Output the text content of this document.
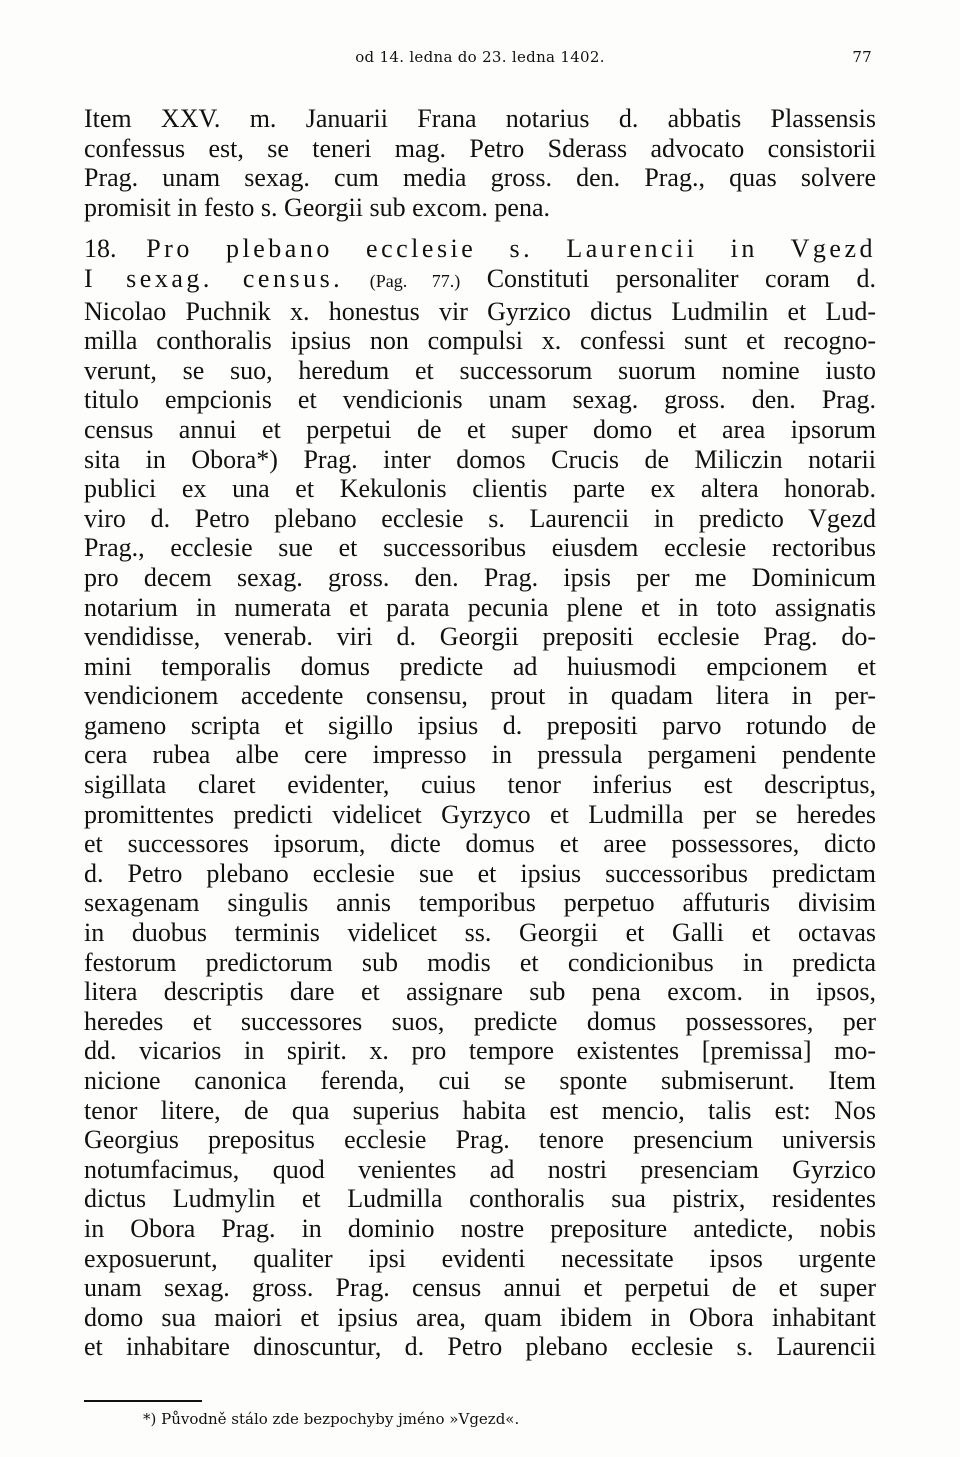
od 14. ledna do 23. ledna 1402.	77
Item XXV. m. Januarii Frana notarius d. abbatis Plassensis
confessus est, se teneri mag. Petro Sderass advocato consistorii
Prag. unam sexag. cum media gross. den. Prag., quas solvere
promisit in festo s. Georgii sub excom. pena.
18. Pro plebano ecclesie s. Laurencii in Vgezd
I sexag. census. (Pag. 77.) Constituti personaliter coram d.
Nicolao Puchnik x. honestus vir Gyrzico dictus Ludmilin et Lud-
milla conthoralis ipsius non compulsi x. confessi sunt et recogno-
verunt, se suo, heredum et successorum suorum nomine iusto
titulo empcionis et vendicionis unam sexag. gross. den. Prag.
census annui et perpetui de et super domo et area ipsorum
sita in Obora*) Prag. inter domos Crucis de Miliczin notarii
publici ex una et Kekulonis clientis parte ex altera honorab.
viro d. Petro plebano ecclesie s. Laurencii in predicto Vgezd
Prag., ecclesie sue et successoribus eiusdem ecclesie rectoribus
pro decem sexag. gross. den. Prag. ipsis per me Dominicum
notarium in numerata et parata pecunia plene et in toto assignatis
vendidisse, venerab. viri d. Georgii prepositi ecclesie Prag. do-
mini temporalis domus predicte ad huiusmodi empcionem et
vendicionem accedente consensu, prout in quadam litera in per-
gameno scripta et sigillo ipsius d. prepositi parvo rotundo de
cera rubea albe cere impresso in pressula pergameni pendente
sigillata claret evidenter, cuius tenor inferius est descriptus,
promittentes predicti videlicet Gyrzyco et Ludmilla per se heredes
et successores ipsorum, dicte domus et aree possessores, dicto
d. Petro plebano ecclesie sue et ipsius successoribus predictam
sexagenam singulis annis temporibus perpetuo affuturis divisim
in duobus terminis videlicet ss. Georgii et Galli et octavas
festorum predictorum sub modis et condicionibus in predicta
litera descriptis dare et assignare sub pena excom. in ipsos,
heredes et successores suos, predicte domus possessores, per
dd. vicarios in spirit. x. pro tempore existentes [premissa] mo-
nicione canonica ferenda, cui se sponte submiserunt. Item
tenor litere, de qua superius habita est mencio, talis est: Nos
Georgius prepositus ecclesie Prag. tenore presencium universis
notumfacimus, quod venientes ad nostri presenciam Gyrzico
dictus Ludmylin et Ludmilla conthoralis sua pistrix, residentes
in Obora Prag. in dominio nostre prepositure antedicte, nobis
exposuerunt, qualiter ipsi evidenti necessitate ipsos urgente
unam sexag. gross. Prag. census annui et perpetui de et super
domo sua maiori et ipsius area, quam ibidem in Obora inhabitant
et inhabitare dinoscuntur, d. Petro plebano ecclesie s. Laurencii
*) Původně stálo zde bezpochyby jméno »Vgezd«.
